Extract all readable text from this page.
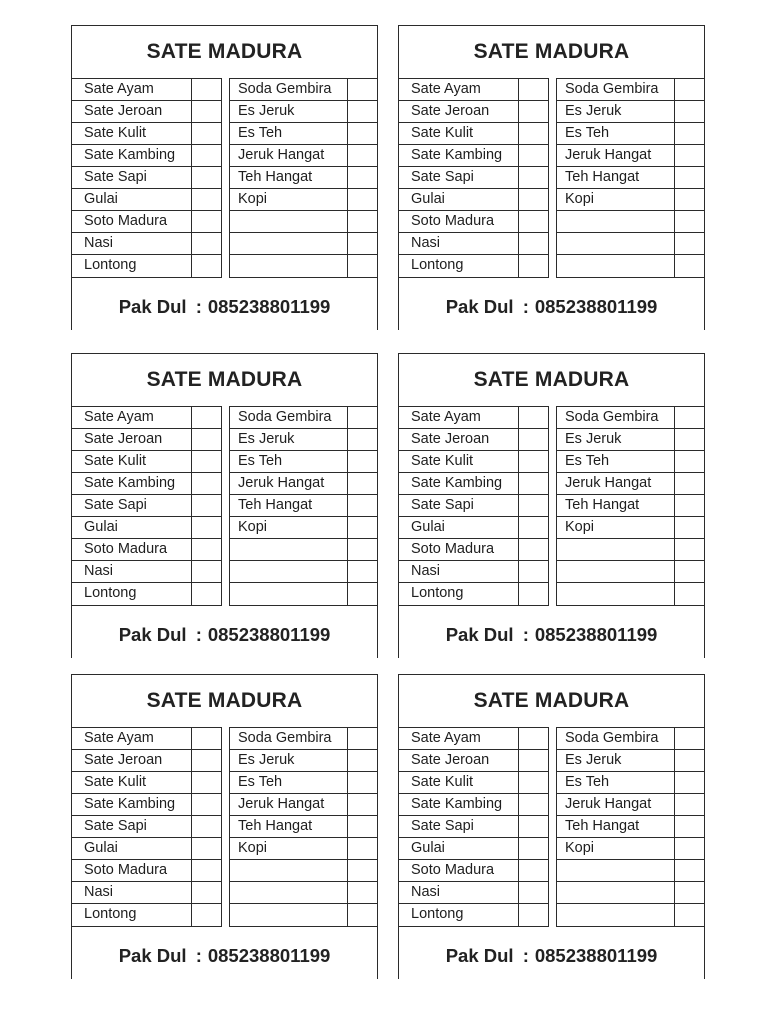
SATE MADURA
Sate Ayam
Sate Jeroan
Sate Kulit
Sate Kambing
Sate Sapi
Gulai
Soto Madura
Nasi
Lontong
Soda Gembira
Es Jeruk
Es Teh
Jeruk Hangat
Teh Hangat
Kopi
Pak Dul : 085238801199
SATE MADURA
Sate Ayam
Sate Jeroan
Sate Kulit
Sate Kambing
Sate Sapi
Gulai
Soto Madura
Nasi
Lontong
Soda Gembira
Es Jeruk
Es Teh
Jeruk Hangat
Teh Hangat
Kopi
Pak Dul : 085238801199
SATE MADURA
Sate Ayam
Sate Jeroan
Sate Kulit
Sate Kambing
Sate Sapi
Gulai
Soto Madura
Nasi
Lontong
Soda Gembira
Es Jeruk
Es Teh
Jeruk Hangat
Teh Hangat
Kopi
Pak Dul : 085238801199
SATE MADURA
Sate Ayam
Sate Jeroan
Sate Kulit
Sate Kambing
Sate Sapi
Gulai
Soto Madura
Nasi
Lontong
Soda Gembira
Es Jeruk
Es Teh
Jeruk Hangat
Teh Hangat
Kopi
Pak Dul : 085238801199
SATE MADURA
Sate Ayam
Sate Jeroan
Sate Kulit
Sate Kambing
Sate Sapi
Gulai
Soto Madura
Nasi
Lontong
Soda Gembira
Es Jeruk
Es Teh
Jeruk Hangat
Teh Hangat
Kopi
Pak Dul : 085238801199
SATE MADURA
Sate Ayam
Sate Jeroan
Sate Kulit
Sate Kambing
Sate Sapi
Gulai
Soto Madura
Nasi
Lontong
Soda Gembira
Es Jeruk
Es Teh
Jeruk Hangat
Teh Hangat
Kopi
Pak Dul : 085238801199
